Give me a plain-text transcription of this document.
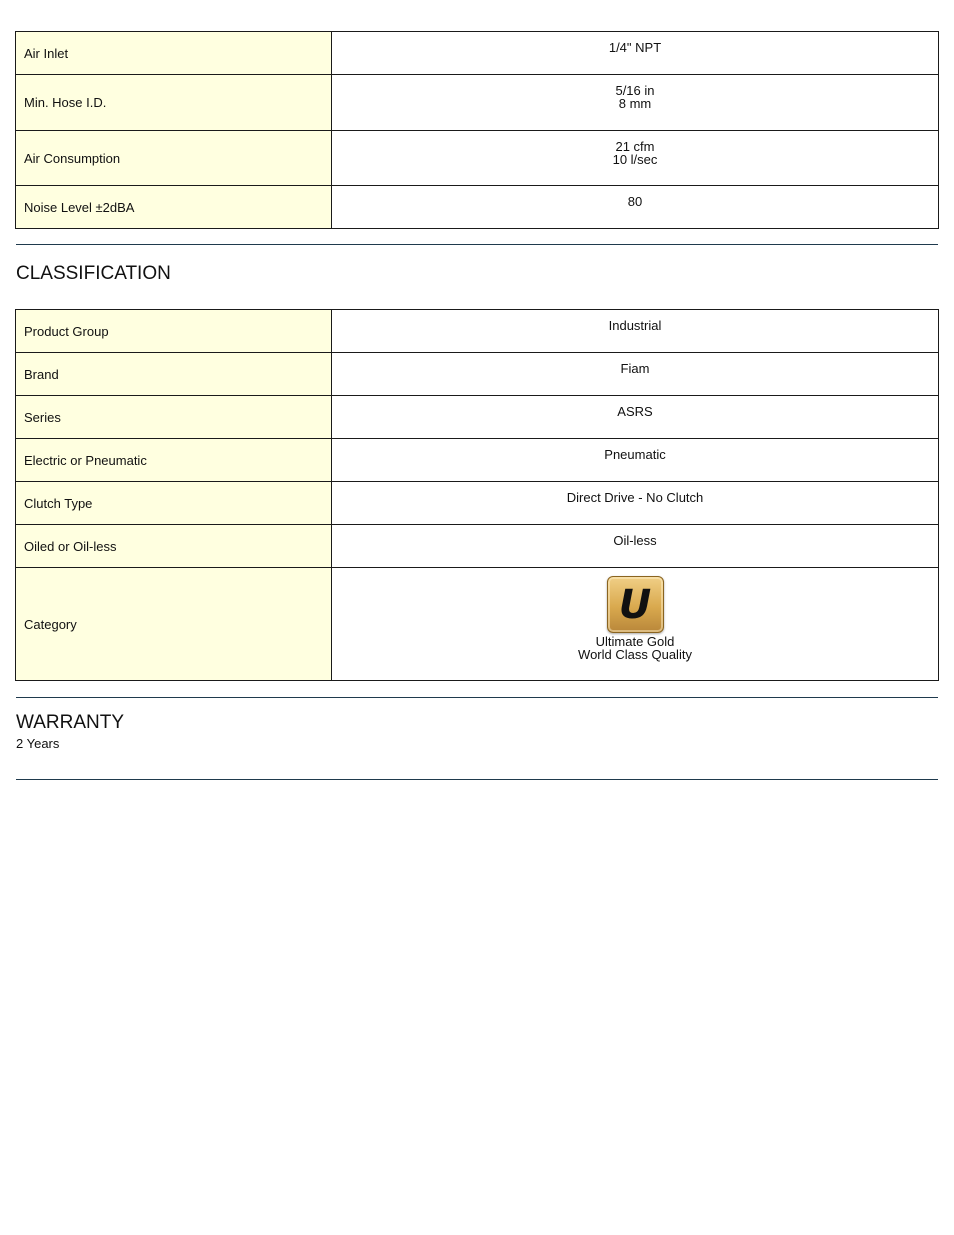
Air Inlet	1/4" NPT

Min. Hose I.D.	5/16 in
8 mm

Air Consumption	21 cfm
10 l/sec

Noise Level ±2dBA	80
CLASSIFICATION
Product Group	Industrial

Brand	Fiam

Series	ASRS

Electric or Pneumatic	Pneumatic

Clutch Type	Direct Drive - No Clutch

Oiled or Oil-less	Oil-less

Category	U
Ultimate Gold
World Class Quality
WARRANTY
2 Years
